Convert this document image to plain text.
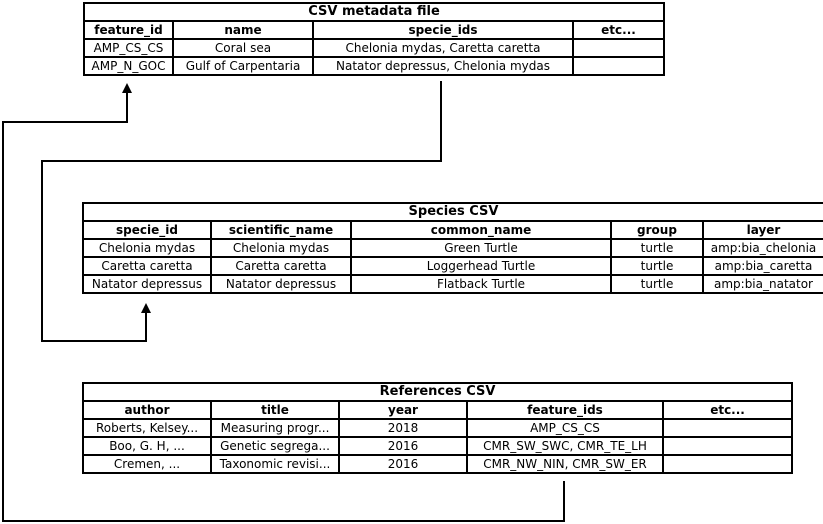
CSV metadata file			
feature_id	name	specie_ids	etc...
AMP_CS_CS	Coral sea	Chelonia mydas, Caretta caretta	
AMP_N_GOC	Gulf of Carpentaria	Natator depressus, Chelonia mydas	
Species CSV				
specie_id	scientific_name	common_name	group	layer
Chelonia mydas	Chelonia mydas	Green Turtle	turtle	amp:bia_chelonia
Caretta caretta	Caretta caretta	Loggerhead Turtle	turtle	amp:bia_caretta
Natator depressus	Natator depressus	Flatback Turtle	turtle	amp:bia_natator
References CSV				
author	title	year	feature_ids	etc...
Roberts, Kelsey...	Measuring progr...	2018	AMP_CS_CS	
Boo, G. H, ...	Genetic segrega...	2016	CMR_SW_SWC, CMR_TE_LH	
Cremen, ...	Taxonomic revisi...	2016	CMR_NW_NIN, CMR_SW_ER	
